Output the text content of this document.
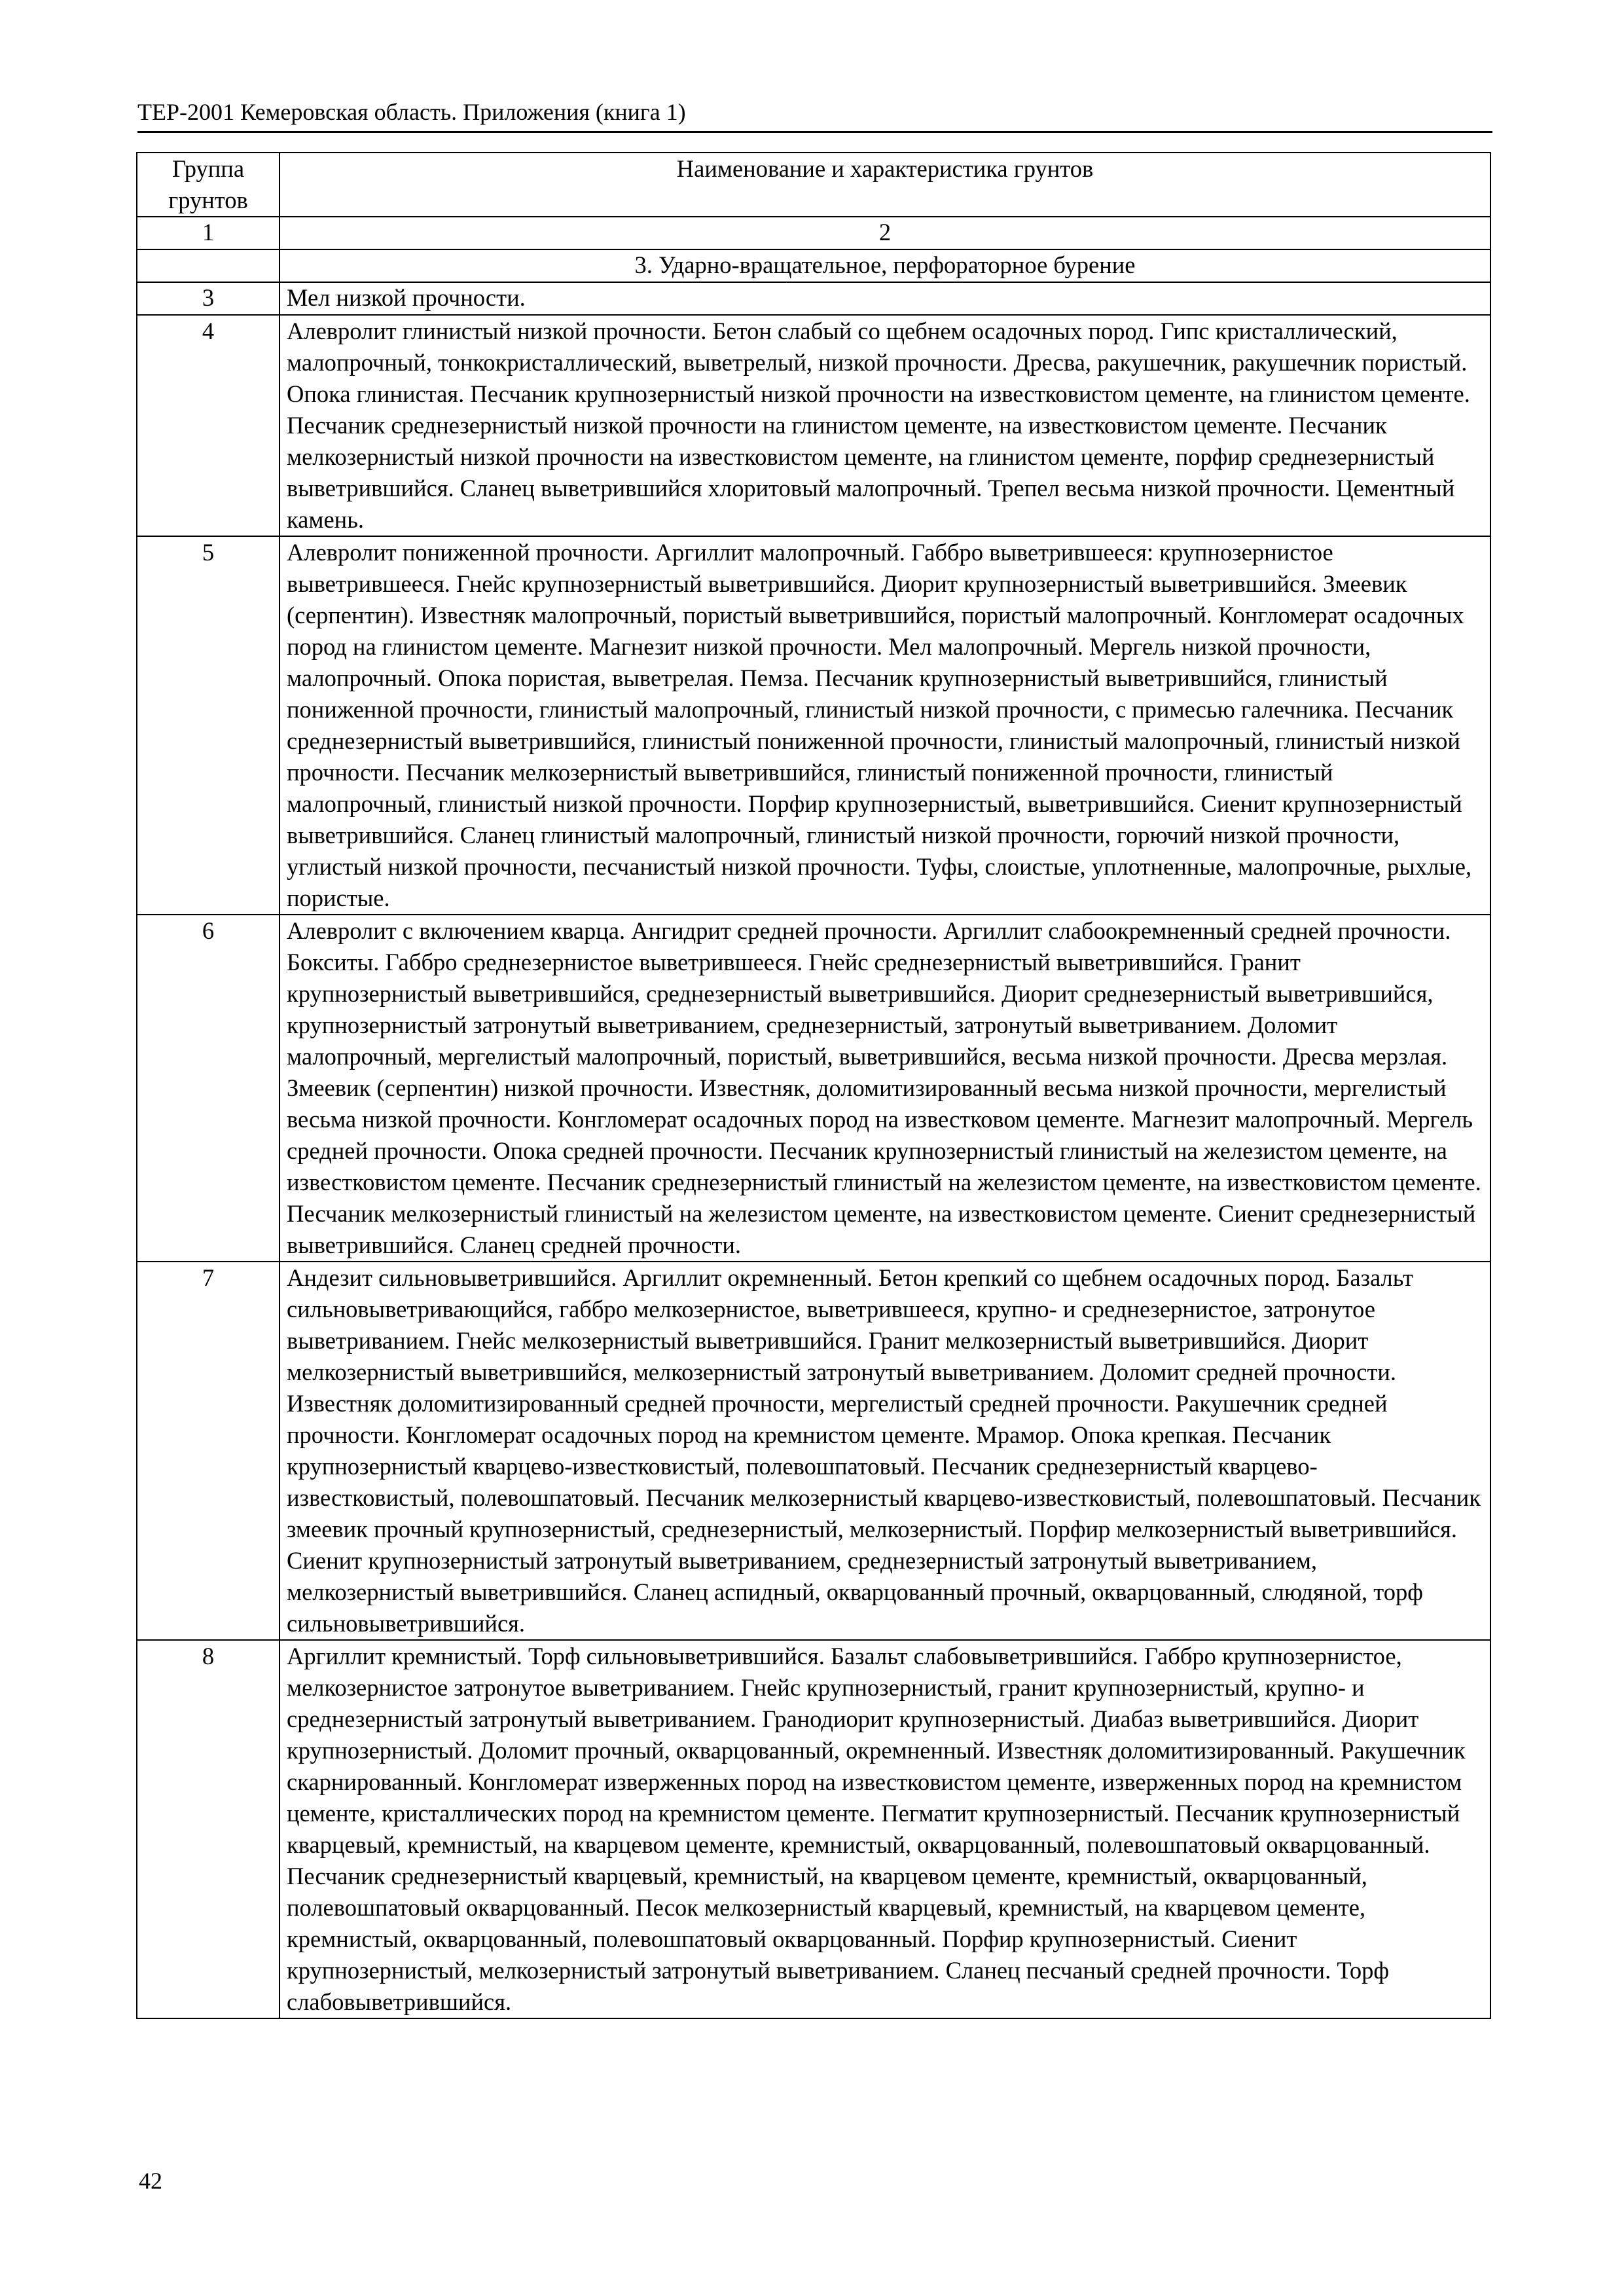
ТЕР-2001 Кемеровская область. Приложения (книга 1)
Группа грунтов	Наименование и характеристика грунтов
1	2
	3. Ударно-вращательное, перфораторное бурение
3	Мел низкой прочности.
4	Алевролит глинистый низкой прочности. Бетон слабый со щебнем осадочных пород. Гипс кристаллический, малопрочный, тонкокристаллический, выветрелый, низкой прочности. Дресва, ракушечник, ракушечник пористый. Опока глинистая. Песчаник крупнозернистый низкой прочности на известковистом цементе, на глинистом цементе. Песчаник среднезернистый низкой прочности на глинистом цементе, на известковистом цементе. Песчаник мелкозернистый низкой прочности на известковистом цементе, на глинистом цементе, порфир среднезернистый выветрившийся. Сланец выветрившийся хлоритовый малопрочный. Трепел весьма низкой прочности. Цементный камень.
5	Алевролит пониженной прочности. Аргиллит малопрочный. Габбро выветрившееся: крупнозернистое выветрившееся. Гнейс крупнозернистый выветрившийся. Диорит крупнозернистый выветрившийся. Змеевик (серпентин). Известняк малопрочный, пористый выветрившийся, пористый малопрочный. Конгломерат осадочных пород на глинистом цементе. Магнезит низкой прочности. Мел малопрочный. Мергель низкой прочности, малопрочный. Опока пористая, выветрелая. Пемза. Песчаник крупнозернистый выветрившийся, глинистый пониженной прочности, глинистый малопрочный, глинистый низкой прочности, с примесью галечника. Песчаник среднезернистый выветрившийся, глинистый пониженной прочности, глинистый малопрочный, глинистый низкой прочности. Песчаник мелкозернистый выветрившийся, глинистый пониженной прочности, глинистый малопрочный, глинистый низкой прочности. Порфир крупнозернистый, выветрившийся. Сиенит крупнозернистый выветрившийся. Сланец глинистый малопрочный, глинистый низкой прочности, горючий низкой прочности, углистый низкой прочности, песчанистый низкой прочности. Туфы, слоистые, уплотненные, малопрочные, рыхлые, пористые.
6	Алевролит с включением кварца. Ангидрит средней прочности. Аргиллит слабоокремненный средней прочности. Бокситы. Габбро среднезернистое выветрившееся. Гнейс среднезернистый выветрившийся. Гранит крупнозернистый выветрившийся, среднезернистый выветрившийся. Диорит среднезернистый выветрившийся, крупнозернистый затронутый выветриванием, среднезернистый, затронутый выветриванием. Доломит малопрочный, мергелистый малопрочный, пористый, выветрившийся, весьма низкой прочности. Дресва мерзлая. Змеевик (серпентин) низкой прочности. Известняк, доломитизированный весьма низкой прочности, мергелистый весьма низкой прочности. Конгломерат осадочных пород на известковом цементе. Магнезит малопрочный. Мергель средней прочности. Опока средней прочности. Песчаник крупнозернистый глинистый на железистом цементе, на известковистом цементе. Песчаник среднезернистый глинистый на железистом цементе, на известковистом цементе. Песчаник мелкозернистый глинистый на железистом цементе, на известковистом цементе. Сиенит среднезернистый выветрившийся. Сланец средней прочности.
7	Андезит сильновыветрившийся. Аргиллит окремненный. Бетон крепкий со щебнем осадочных пород. Базальт сильновыветривающийся, габбро мелкозернистое, выветрившееся, крупно- и среднезернистое, затронутое выветриванием. Гнейс мелкозернистый выветрившийся. Гранит мелкозернистый выветрившийся. Диорит мелкозернистый выветрившийся, мелкозернистый затронутый выветриванием. Доломит средней прочности. Известняк доломитизированный средней прочности, мергелистый средней прочности. Ракушечник средней прочности. Конгломерат осадочных пород на кремнистом цементе. Мрамор. Опока крепкая. Песчаник крупнозернистый кварцево-известковистый, полевошпатовый. Песчаник среднезернистый кварцево-известковистый, полевошпатовый. Песчаник мелкозернистый кварцево-известковистый, полевошпатовый. Песчаник змеевик прочный крупнозернистый, среднезернистый, мелкозернистый. Порфир мелкозернистый выветрившийся. Сиенит крупнозернистый затронутый выветриванием, среднезернистый затронутый выветриванием, мелкозернистый выветрившийся. Сланец аспидный, окварцованный прочный, окварцованный, слюдяной, торф сильновыветрившийся.
8	Аргиллит кремнистый. Торф сильновыветрившийся. Базальт слабовыветрившийся. Габбро крупнозернистое, мелкозернистое затронутое выветриванием. Гнейс крупнозернистый, гранит крупнозернистый, крупно- и среднезернистый затронутый выветриванием. Гранодиорит крупнозернистый. Диабаз выветрившийся. Диорит крупнозернистый. Доломит прочный, окварцованный, окремненный. Известняк доломитизированный. Ракушечник скарнированный. Конгломерат изверженных пород на известковистом цементе, изверженных пород на кремнистом цементе, кристаллических пород на кремнистом цементе. Пегматит крупнозернистый. Песчаник крупнозернистый кварцевый, кремнистый, на кварцевом цементе, кремнистый, окварцованный, полевошпатовый окварцованный. Песчаник среднезернистый кварцевый, кремнистый, на кварцевом цементе, кремнистый, окварцованный, полевошпатовый окварцованный. Песок мелкозернистый кварцевый, кремнистый, на кварцевом цементе, кремнистый, окварцованный, полевошпатовый окварцованный. Порфир крупнозернистый. Сиенит крупнозернистый, мелкозернистый затронутый выветриванием. Сланец песчаный средней прочности. Торф слабовыветрившийся.
42
